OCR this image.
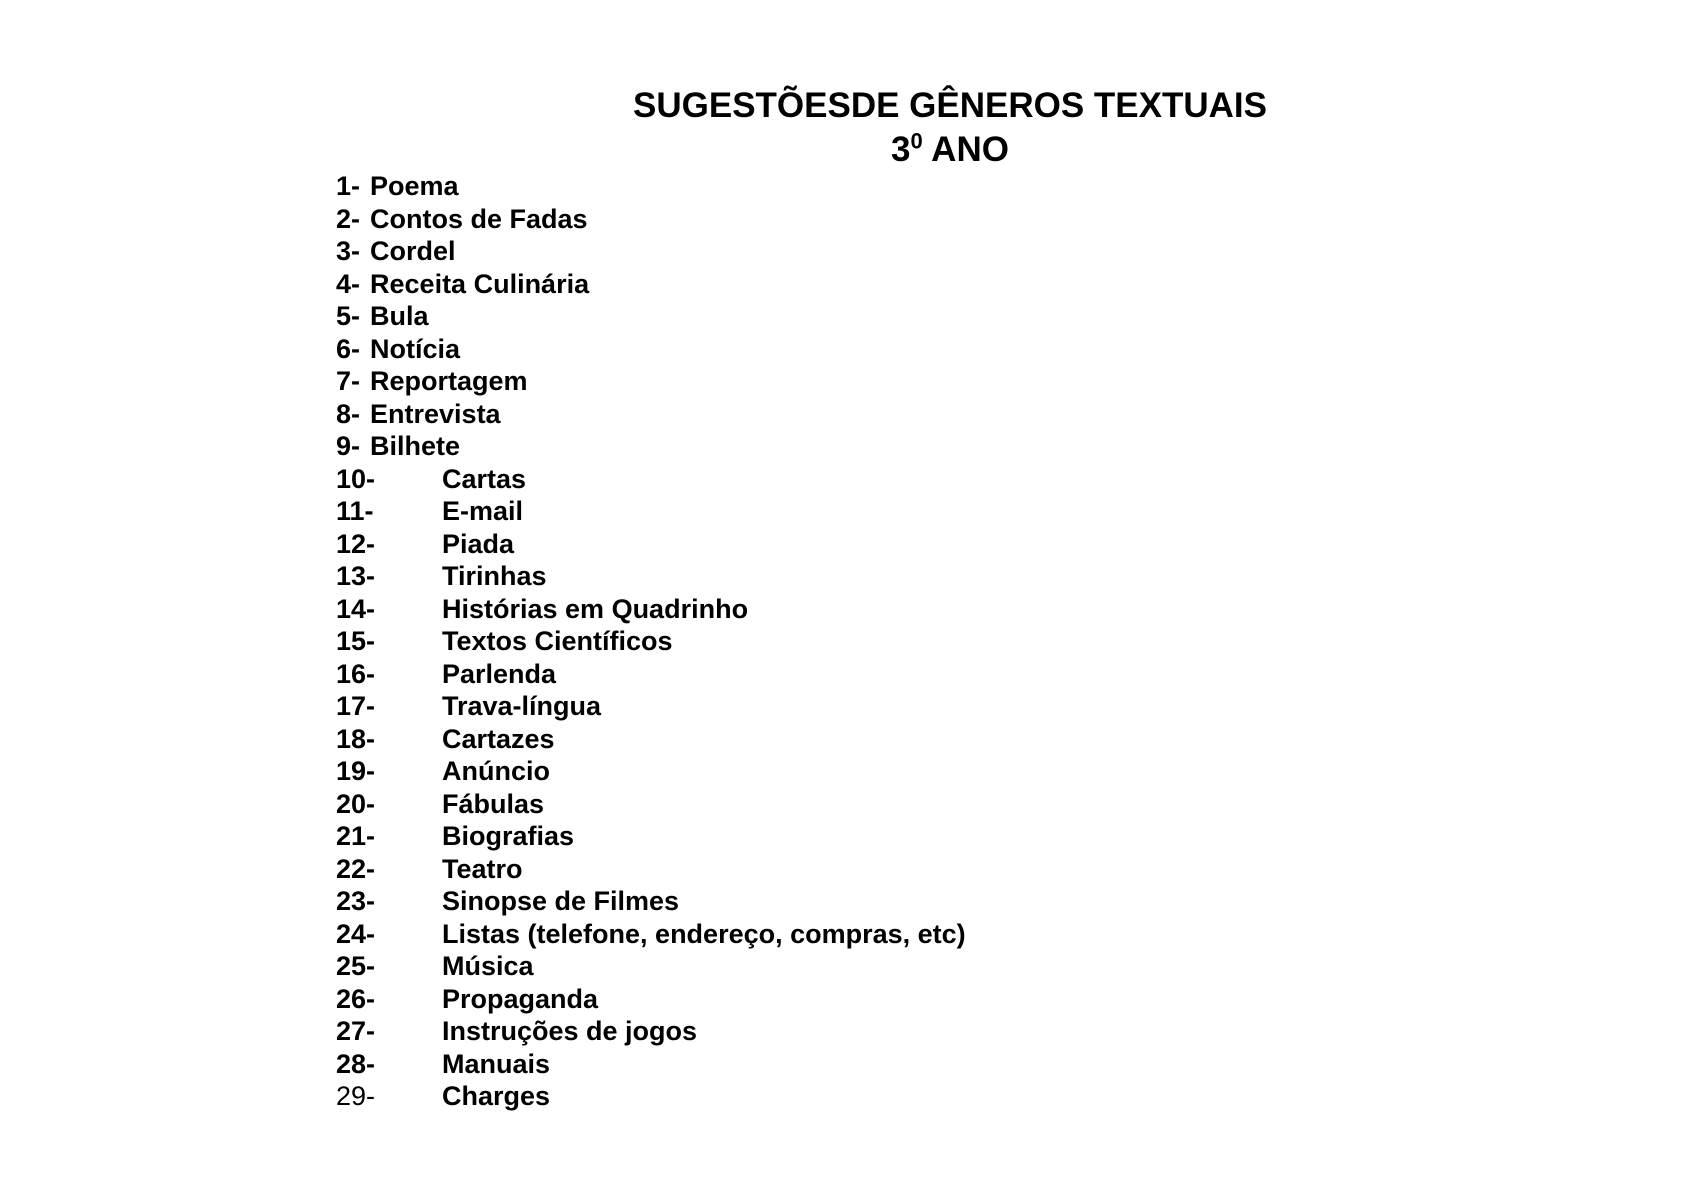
SUGESTÕESDE GÊNEROS TEXTUAIS
$3^0$ ANO
1- Poema
2- Contos de Fadas
3- Cordel
4- Receita Culinária
5- Bula
6- Notícia
7- Reportagem
8- Entrevista
9- Bilhete
10- Cartas
11-	E-mail
12- Piada
13- Tirinhas
14- Histórias em Quadrinho
15- Textos Científicos
16- Parlenda
17- Trava-língua
18- Cartazes
19- Anúncio
20- Fábulas
21- Biografias
22- Teatro
23- Sinopse de Filmes
24- Listas (telefone, endereço, compras, etc)
25- Música
26- Propaganda
27- Instruções de jogos
28- Manuais
29- Charges
